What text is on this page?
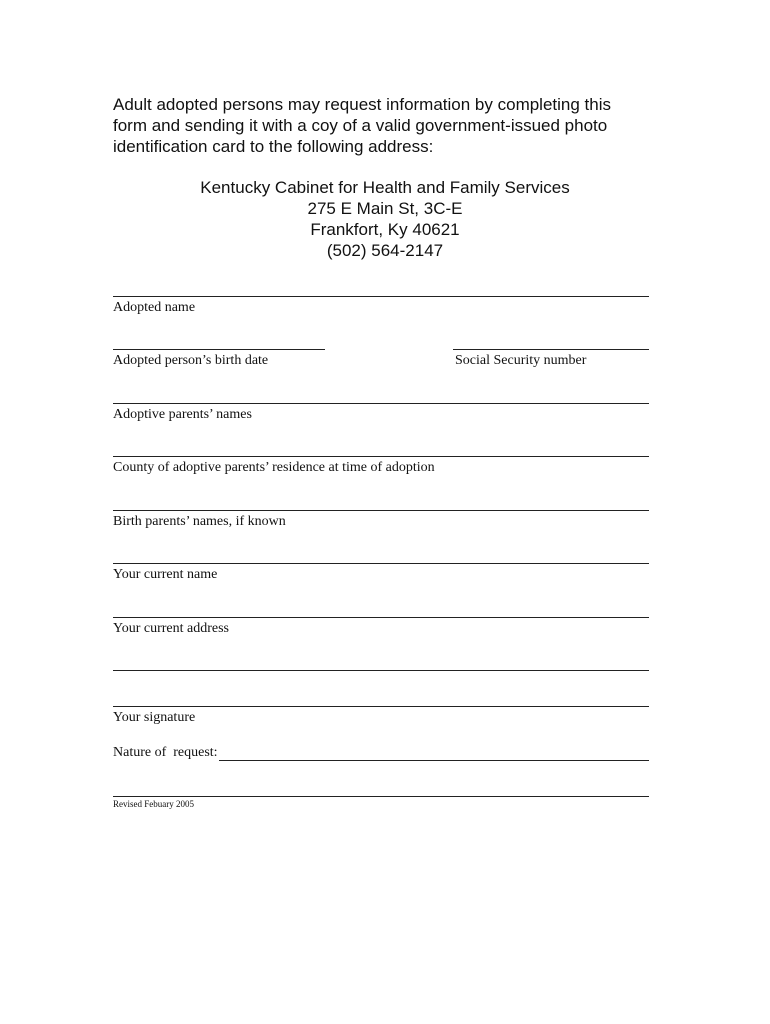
Adult adopted persons may request information by completing this
form and sending it with a coy of a valid government-issued photo
identification card to the following address:
Kentucky Cabinet for Health and Family Services
275 E Main St, 3C-E
Frankfort, Ky 40621
(502) 564-2147
Adopted name
Adopted person’s birth date	Social Security number
Adoptive parents’ names
County of adoptive parents’ residence at time of adoption
Birth parents’ names, if known
Your current name
Your current address
Your signature
Nature of  request:
Revised Febuary 2005
